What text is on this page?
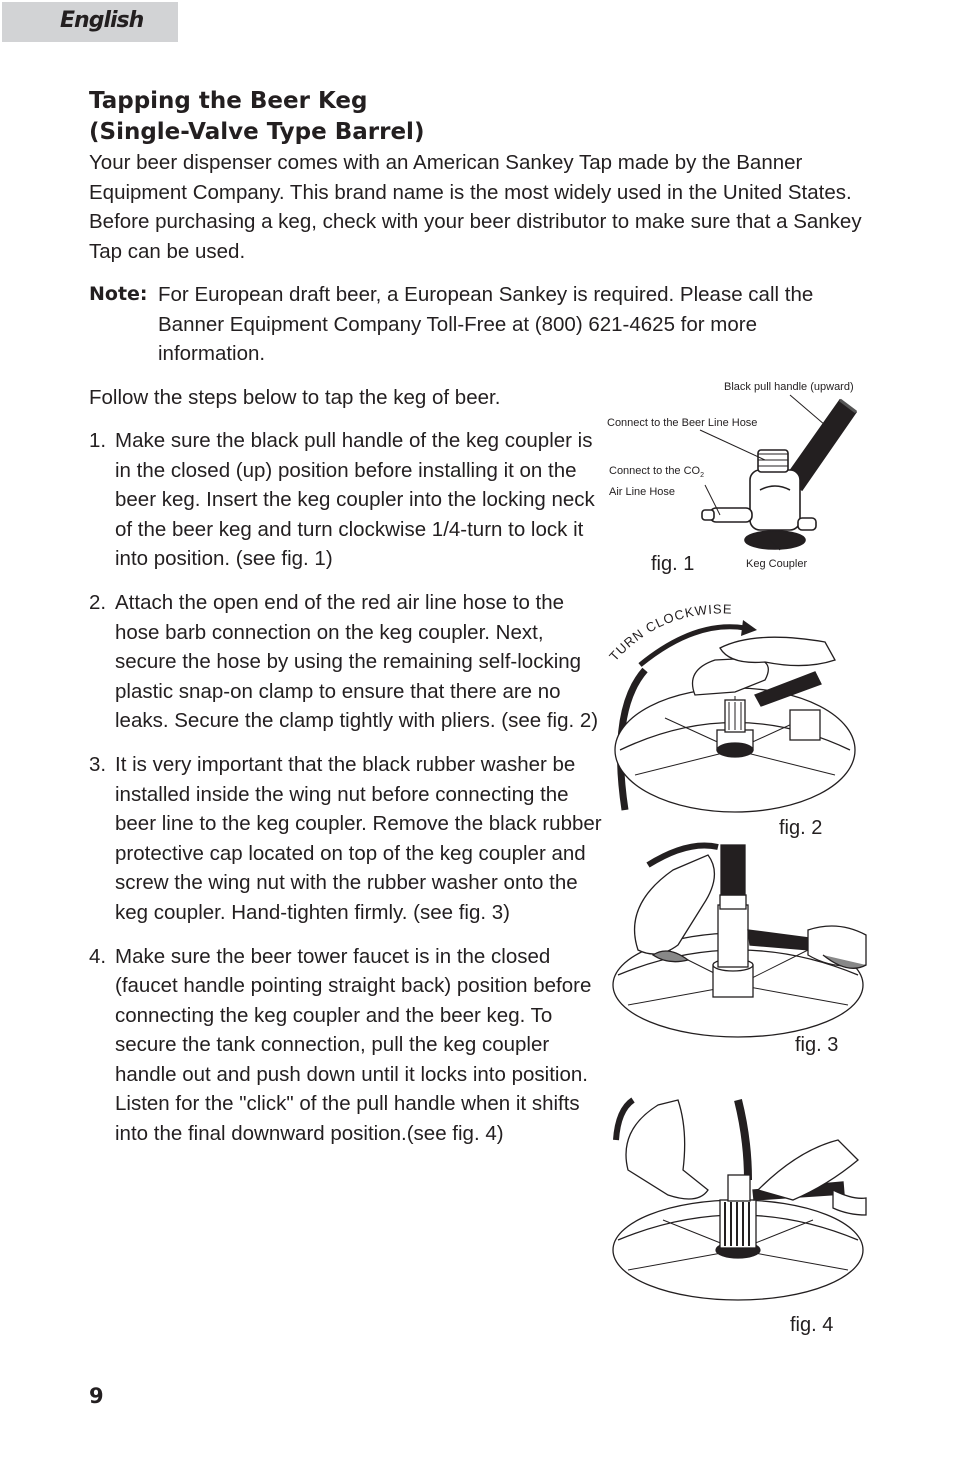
English
Tapping the Beer Keg
(Single-Valve Type Barrel)

Your beer dispenser comes with an American Sankey Tap made by the Banner Equipment Company. This brand name is the most widely used in the United States. Before purchasing a keg, check with your beer distributor to make sure that a Sankey Tap can be used.

Note: For European draft beer, a European Sankey is required. Please call the Banner Equipment Company Toll-Free at (800) 621-4625 for more information.

Follow the steps below to tap the keg of beer.

1. Make sure the black pull handle of the keg coupler is in the closed (up) position before installing it on the beer keg. Insert the keg coupler into the locking neck of the beer keg and turn clockwise 1/4-turn to lock it into position. (see fig. 1)
2. Attach the open end of the red air line hose to the hose barb connection on the keg coupler. Next, secure the hose by using the remaining self-locking plastic snap-on clamp to ensure that there are no leaks. Secure the clamp tightly with pliers. (see fig. 2)
3. It is very important that the black rubber washer be installed inside the wing nut before connecting the beer line to the keg coupler. Remove the black rubber protective cap located on top of the keg coupler and screw the wing nut with the rubber washer onto the keg coupler. Hand-tighten firmly. (see fig. 3)
4. Make sure the beer tower faucet is in the closed (faucet handle pointing straight back) position before connecting the keg coupler and the beer keg. To secure the tank connection, pull the keg coupler handle out and push down until it locks into position. Listen for the "click" of the pull handle when it shifts into the final downward position.(see fig. 4)
Black pull handle (upward)
Connect to the Beer Line Hose
Connect to the $CO_2$
Air Line Hose
Keg Coupler
fig. 1
TURN CLOCKWISE
fig. 2
fig. 3
fig. 4
9
